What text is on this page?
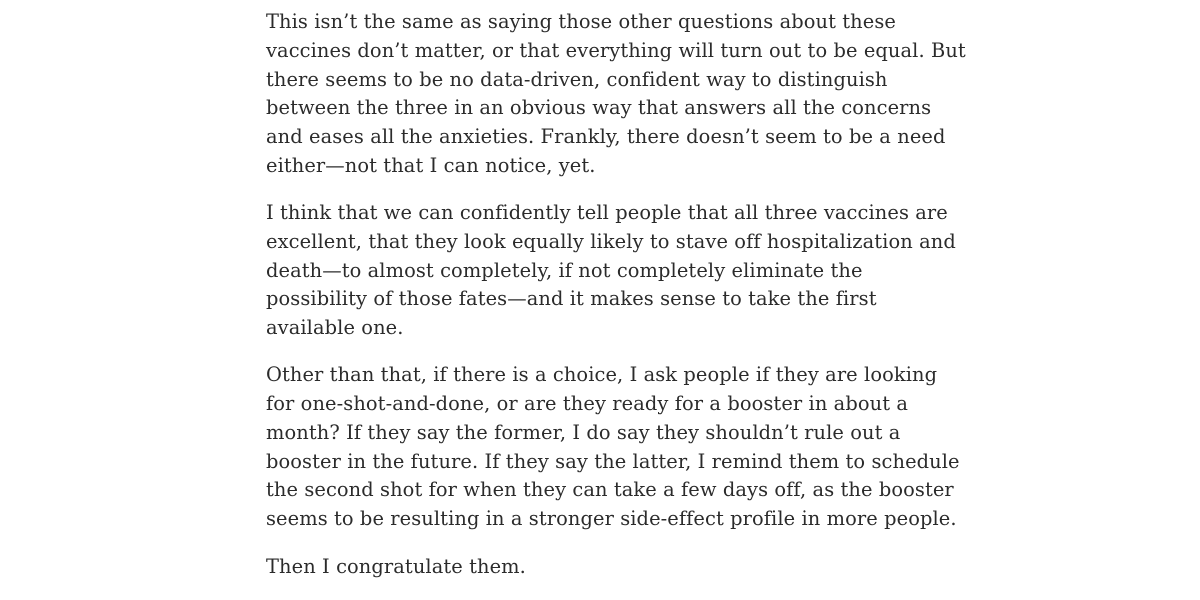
This isn’t the same as saying those other questions about these vaccines don’t matter, or that everything will turn out to be equal. But there seems to be no data-driven, confident way to distinguish between the three in an obvious way that answers all the concerns and eases all the anxieties. Frankly, there doesn’t seem to be a need either—not that I can notice, yet.

I think that we can confidently tell people that all three vaccines are excellent, that they look equally likely to stave off hospitalization and death—to almost completely, if not completely eliminate the possibility of those fates—and it makes sense to take the first available one.

Other than that, if there is a choice, I ask people if they are looking for one-shot-and-done, or are they ready for a booster in about a month? If they say the former, I do say they shouldn’t rule out a booster in the future. If they say the latter, I remind them to schedule the second shot for when they can take a few days off, as the booster seems to be resulting in a stronger side-effect profile in more people.

Then I congratulate them.
